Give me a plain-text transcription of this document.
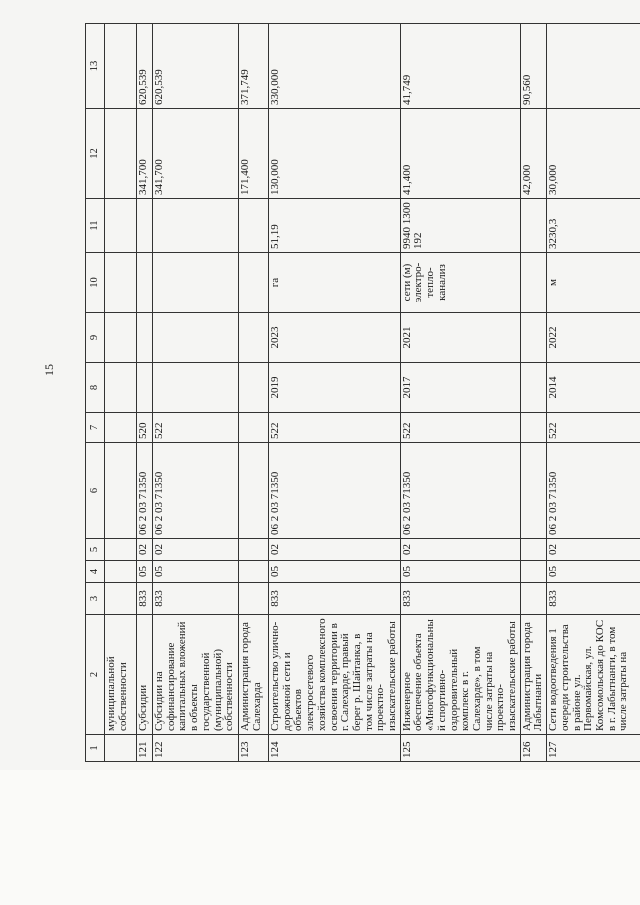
15
1	2	3	4	5	6	7	8	9	10	11	12	13
	муниципальной собственности											
121	Субсидии	833	05	02	06 2 03 71350	520					341,700	620,539
122	Субсидии на софинансирование капитальных вложений в объекты государственной (муниципальной) собственности	833	05	02	06 2 03 71350	522					341,700	620,539
123	Администрация города Салехарда										171,400	371,749
124	Строительство улично-дорожной сети и объектов электросетевого хозяйства комплексного освоения территории в г. Салехарде, правый берег р. Шайтанка, в том числе затраты на проектно-изыскательские работы	833	05	02	06 2 03 71350	522	2019	2023	га	51,19	130,000	330,000
125	Инженерное обеспечение объекта «Многофункциональный спортивно-оздоровительный комплекс в г. Салехарде», в том числе затраты на проектно-изыскательские работы	833	05	02	06 2 03 71350	522	2017	2021	сети (м) электро-тепло-канализ	9940 1300 192	41,400	41,749
126	Администрация города Лабытнанги										42,000	90,560
127	Сети водоотведения 1 очереди строительства в районе ул. Первомайская, ул. Комсомольская до КОС в г. Лабытнанги, в том числе затраты на	833	05	02	06 2 03 71350	522	2014	2022	м	3230,3	30,000	
